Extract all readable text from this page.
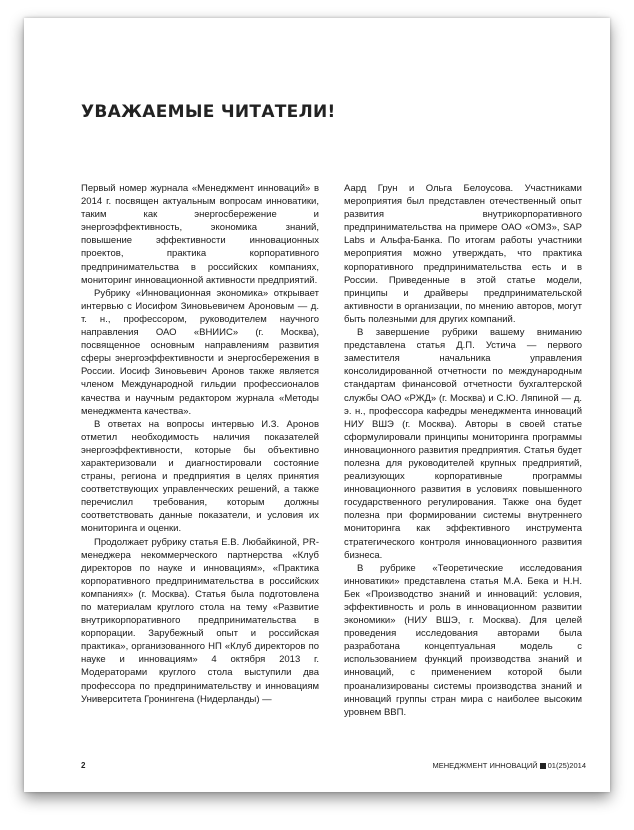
УВАЖАЕМЫЕ ЧИТАТЕЛИ!

Первый номер журнала «Менеджмент инноваций» в 2014 г. посвящен актуальным вопросам инноватики, таким как энергосбережение и энергоэффективность, экономика знаний, повышение эффективности инновационных проектов, практика корпоративного предпринимательства в российских компаниях, мониторинг инновационной активности предприятий.

Рубрику «Инновационная экономика» открывает интервью с Иосифом Зиновьевичем Ароновым — д. т. н., профессором, руководителем научного направления ОАО «ВНИИС» (г. Москва), посвященное основным направлениям развития сферы энергоэффективности и энергосбережения в России. Иосиф Зиновьевич Аронов также является членом Международной гильдии профессионалов качества и научным редактором журнала «Методы менеджмента качества».

В ответах на вопросы интервью И.З. Аронов отметил необходимость наличия показателей энергоэффективности, которые бы объективно характеризовали и диагностировали состояние страны, региона и предприятия в целях принятия соответствующих управленческих решений, а также перечислил требования, которым должны соответствовать данные показатели, и условия их мониторинга и оценки.

Продолжает рубрику статья Е.В. Любайкиной, PR-менеджера некоммерческого партнерства «Клуб директоров по науке и инновациям», «Практика корпоративного предпринимательства в российских компаниях» (г. Москва). Статья была подготовлена по материалам круглого стола на тему «Развитие внутрикорпоративного предпринимательства в корпорации. Зарубежный опыт и российская практика», организованного НП «Клуб директоров по науке и инновациям» 4 октября 2013 г. Модераторами круглого стола выступили два профессора по предпринимательству и инновациям Университета Гронингена (Нидерланды) —

Аард Грун и Ольга Белоусова. Участниками мероприятия был представлен отечественный опыт развития внутрикорпоративного предпринимательства на примере ОАО «ОМЗ», SAP Labs и Альфа-Банка. По итогам работы участники мероприятия можно утверждать, что практика корпоративного предпринимательства есть и в России. Приведенные в этой статье модели, принципы и драйверы предпринимательской активности в организации, по мнению авторов, могут быть полезными для других компаний.

В завершение рубрики вашему вниманию представлена статья Д.П. Устича — первого заместителя начальника управления консолидированной отчетности по международным стандартам финансовой отчетности бухгалтерской службы ОАО «РЖД» (г. Москва) и С.Ю. Ляпиной — д. э. н., профессора кафедры менеджмента инноваций НИУ ВШЭ (г. Москва). Авторы в своей статье сформулировали принципы мониторинга программы инновационного развития предприятия. Статья будет полезна для руководителей крупных предприятий, реализующих корпоративные программы инновационного развития в условиях повышенного государственного регулирования. Также она будет полезна при формировании системы внутреннего мониторинга как эффективного инструмента стратегического контроля инновационного развития бизнеса.

В рубрике «Теоретические исследования инноватики» представлена статья М.А. Бека и Н.Н. Бек «Производство знаний и инноваций: условия, эффективность и роль в инновационном развитии экономики» (НИУ ВШЭ, г. Москва). Для целей проведения исследования авторами была разработана концептуальная модель с использованием функций производства знаний и инноваций, с применением которой были проанализированы системы производства знаний и инноваций группы стран мира с наиболее высоким уровнем ВВП.

2	МЕНЕДЖМЕНТ ИННОВАЦИЙ 01(25)2014
